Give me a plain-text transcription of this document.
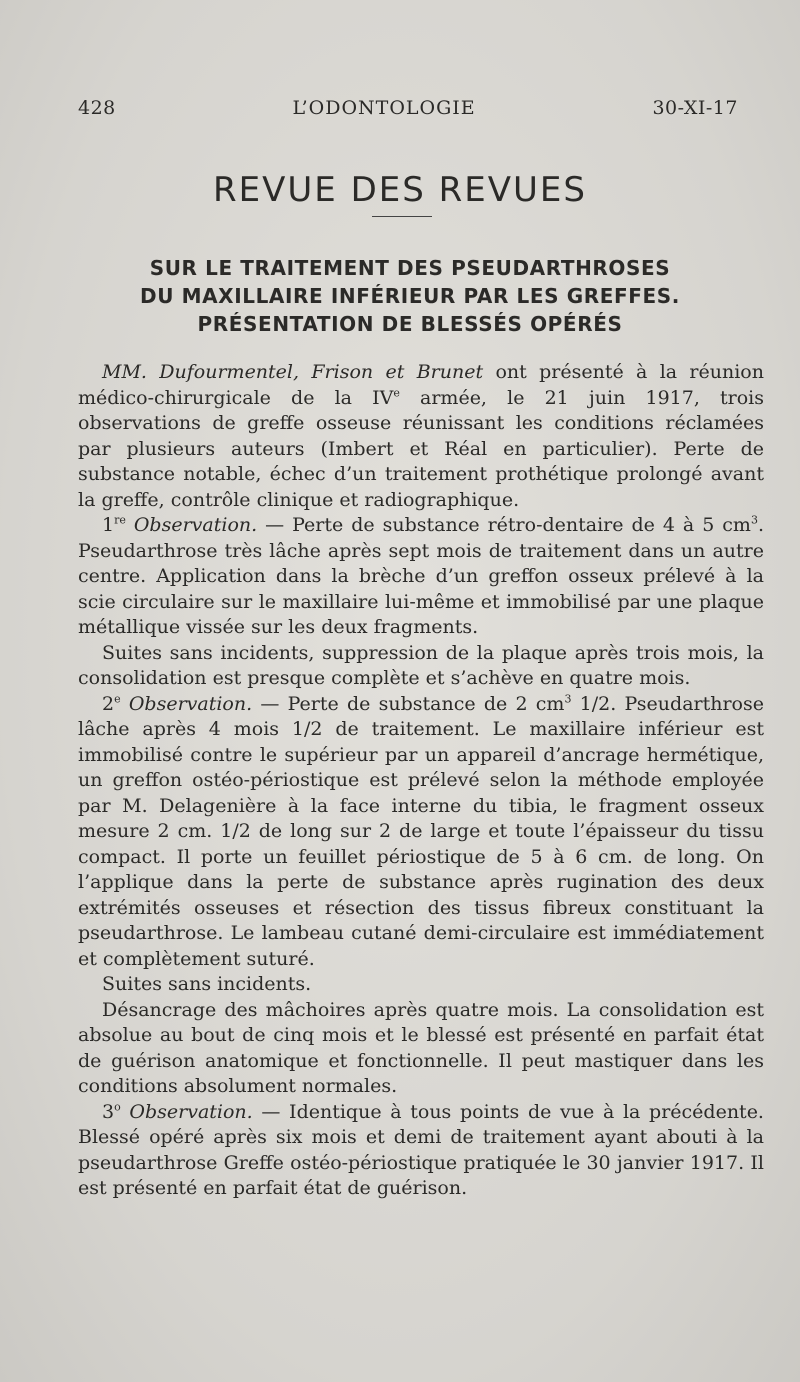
428	L’ODONTOLOGIE	30-XI-17
REVUE DES REVUES
SUR LE TRAITEMENT DES PSEUDARTHROSES
DU MAXILLAIRE INFÉRIEUR PAR LES GREFFES.
PRÉSENTATION DE BLESSÉS OPÉRÉS

MM. Dufourmentel, Frison et Brunet ont présenté à la réunion médico-chirurgicale de la IVe armée, le 21 juin 1917, trois observations de greffe osseuse réunissant les conditions réclamées par plusieurs auteurs (Imbert et Réal en particulier). Perte de substance notable, échec d’un traitement prothétique prolongé avant la greffe, contrôle clinique et radiographique.

1re Observation. — Perte de substance rétro-dentaire de 4 à 5 $cm^3$. Pseudarthrose très lâche après sept mois de traitement dans un autre centre. Application dans la brèche d’un greffon osseux prélevé à la scie circulaire sur le maxillaire lui-même et immobilisé par une plaque métallique vissée sur les deux fragments.

Suites sans incidents, suppression de la plaque après trois mois, la consolidation est presque complète et s’achève en quatre mois.

2e Observation. — Perte de substance de 2 $cm^3$ 1/2. Pseudarthrose lâche après 4 mois 1/2 de traitement. Le maxillaire inférieur est immobilisé contre le supérieur par un appareil d’ancrage hermétique, un greffon ostéo-périostique est prélevé selon la méthode employée par M. Delagenière à la face interne du tibia, le fragment osseux mesure 2 cm. 1/2 de long sur 2 de large et toute l’épaisseur du tissu compact. Il porte un feuillet périostique de 5 à 6 cm. de long. On l’applique dans la perte de substance après rugination des deux extrémités osseuses et résection des tissus fibreux constituant la pseudarthrose. Le lambeau cutané demi-circulaire est immédiatement et complètement suturé.

Suites sans incidents.

Désancrage des mâchoires après quatre mois. La consolidation est absolue au bout de cinq mois et le blessé est présenté en parfait état de guérison anatomique et fonctionnelle. Il peut mastiquer dans les conditions absolument normales.

3$^o$ Observation. — Identique à tous points de vue à la précédente. Blessé opéré après six mois et demi de traitement ayant abouti à la pseudarthrose Greffe ostéo-périostique pratiquée le 30 janvier 1917. Il est présenté en parfait état de guérison.
